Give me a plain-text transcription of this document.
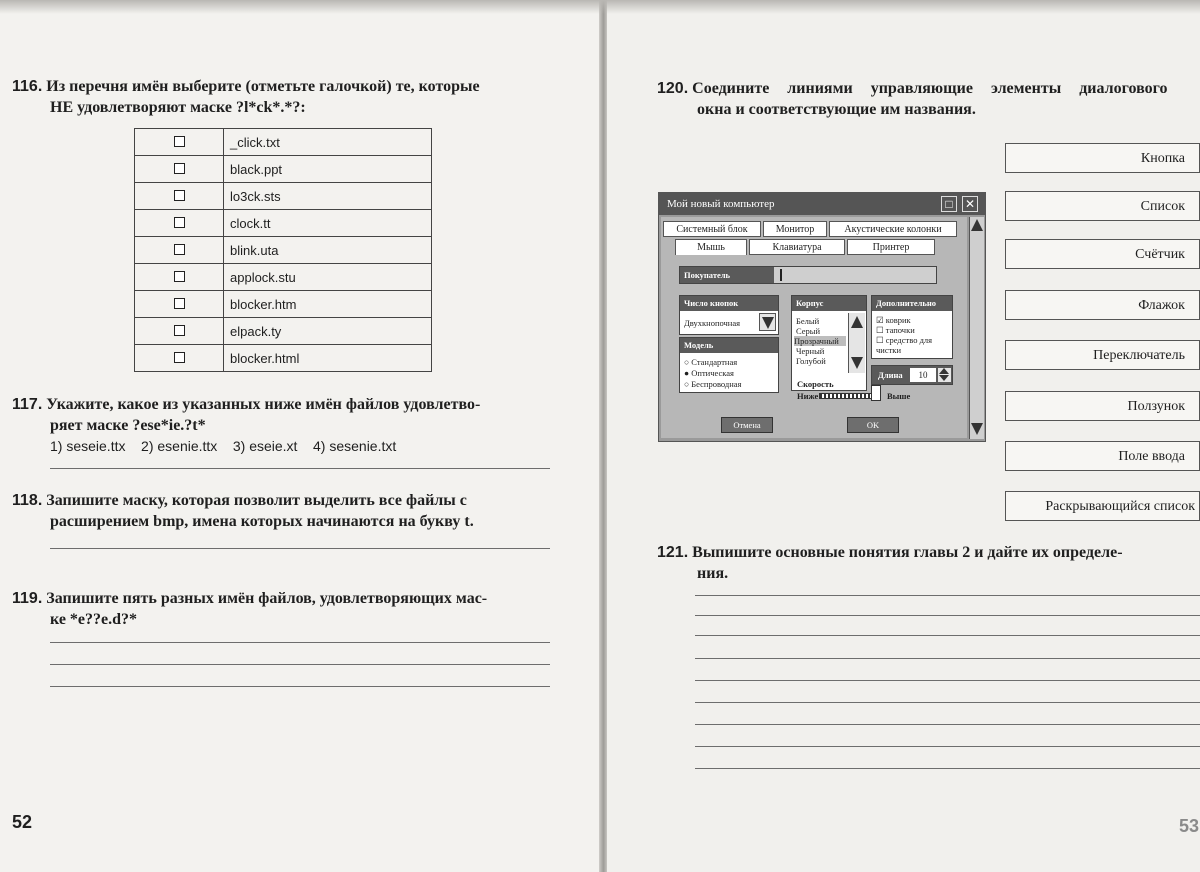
116. Из перечня имён выберите (отметьте галочкой) те, которые
НЕ удовлетворяют маске ?l*ck*.*?:
	_click.txt
	black.ppt
	lo3ck.sts
	clock.tt
	blink.uta
	applock.stu
	blocker.htm
	elpack.ty
	blocker.html
117. Укажите, какое из указанных ниже имён файлов удовлетво-
ряет маске ?ese*ie.?t*
1) seseie.ttx    2) esenie.ttx    3) eseie.xt    4) sesenie.txt
118. Запишите маску, которая позволит выделить все файлы с
расширением bmp, имена которых начинаются на букву t.
119. Запишите пять разных имён файлов, удовлетворяющих мас-
ке *e??e.d?*
52
120. Соедините линиями управляющие элементы диалогового
окна и соответствующие им названия.
121. Выпишите основные понятия главы 2 и дайте их определе-
ния.
53
Мой новый компьютер	□	✕
Системный блок	Монитор	Акустические колонки
Мышь	Клавиатура	Принтер
Покупатель
Число кнопок
Двухкнопочная
Модель
○ Стандартная
● Оптическая
○ Беспроводная
Корпус
Белый
Серый
Прозрачный
Черный
Голубой
Дополнительно
☑ коврик
☐ тапочки
☐ средство для чистки
Длина	10
Скорость
Ниже	Выше
Отмена	OK
Кнопка
Список
Счётчик
Флажок
Переключатель
Ползунок
Поле ввода
Раскрывающийся список
